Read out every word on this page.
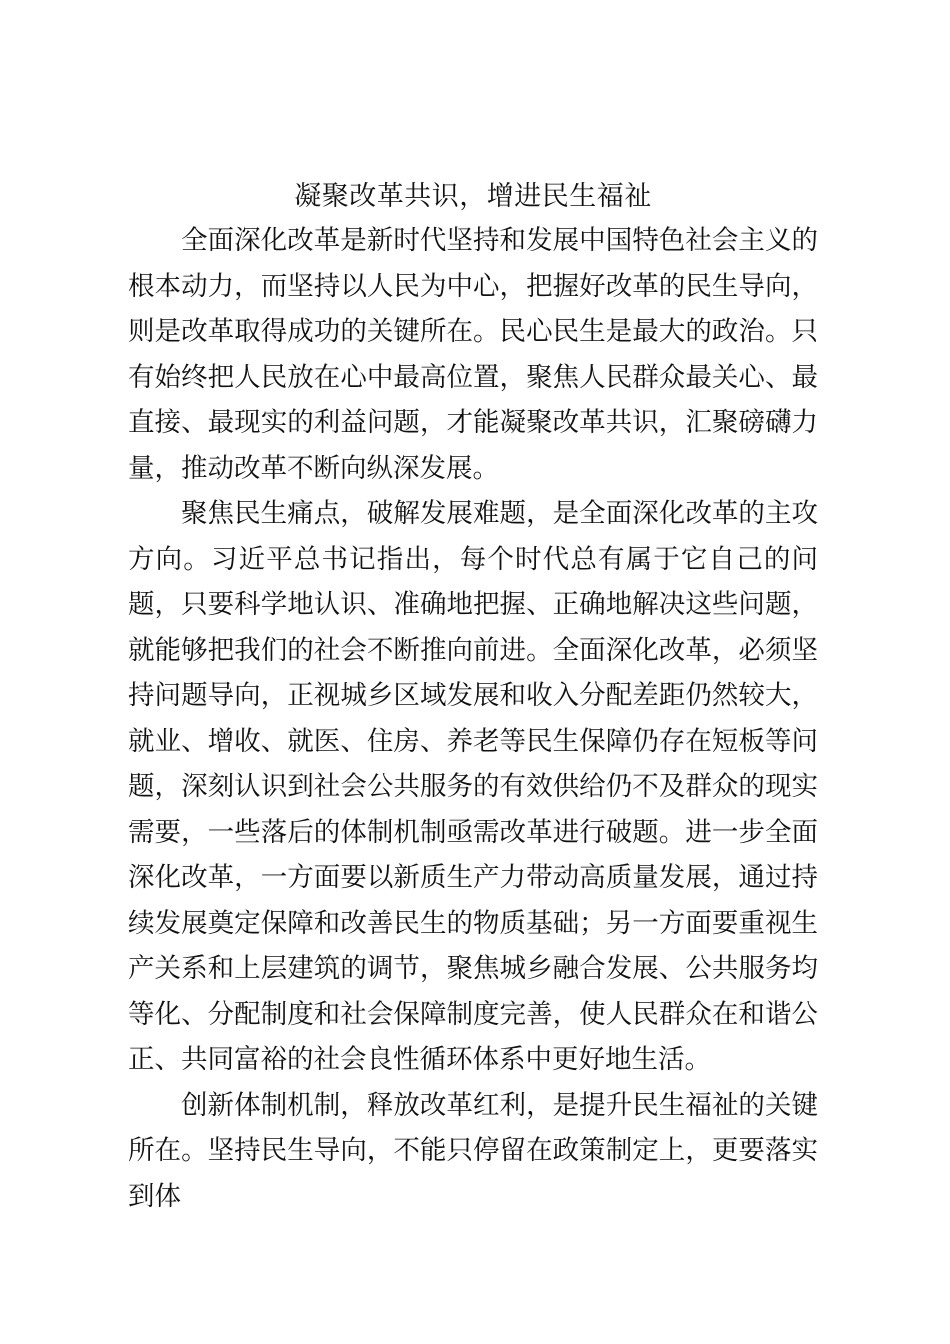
凝聚改革共识，增进民生福祉

全面深化改革是新时代坚持和发展中国特色社会主义的根本动力，而坚持以人民为中心，把握好改革的民生导向，则是改革取得成功的关键所在。民心民生是最大的政治。只有始终把人民放在心中最高位置，聚焦人民群众最关心、最直接、最现实的利益问题，才能凝聚改革共识，汇聚磅礴力量，推动改革不断向纵深发展。

聚焦民生痛点，破解发展难题，是全面深化改革的主攻方向。习近平总书记指出，每个时代总有属于它自己的问题，只要科学地认识、准确地把握、正确地解决这些问题，就能够把我们的社会不断推向前进。全面深化改革，必须坚持问题导向，正视城乡区域发展和收入分配差距仍然较大，就业、增收、就医、住房、养老等民生保障仍存在短板等问题，深刻认识到社会公共服务的有效供给仍不及群众的现实需要，一些落后的体制机制亟需改革进行破题。进一步全面深化改革，一方面要以新质生产力带动高质量发展，通过持续发展奠定保障和改善民生的物质基础；另一方面要重视生产关系和上层建筑的调节，聚焦城乡融合发展、公共服务均等化、分配制度和社会保障制度完善，使人民群众在和谐公正、共同富裕的社会良性循环体系中更好地生活。

创新体制机制，释放改革红利，是提升民生福祉的关键所在。坚持民生导向，不能只停留在政策制定上，更要落实到体
